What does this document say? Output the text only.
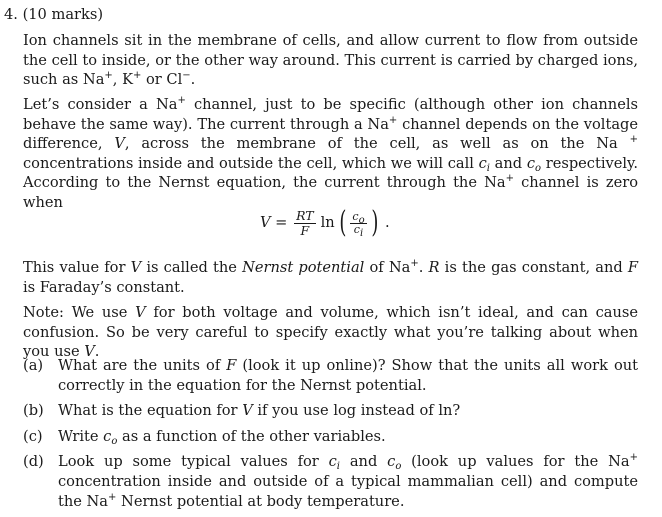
4. (10 marks)
Ion channels sit in the membrane of cells, and allow current to flow from outside the cell to inside, or the other way around. This current is carried by charged ions, such as Na+, K+ or Cl−.
Let’s consider a Na+ channel, just to be specific (although other ion channels behave the same way). The current through a Na+ channel depends on the voltage difference, V, across the membrane of the cell, as well as on the Na + concentrations inside and outside the cell, which we will call $c_i$ and $c_o$ respectively. According to the Nernst equation, the current through the Na+ channel is zero when
$V = \frac{RT}{F}$ ln ( $\frac{co}{ci}$ ) .
This value for V is called the Nernst potential of Na+. R is the gas constant, and F is Faraday’s constant.
Note: We use V for both voltage and volume, which isn’t ideal, and can cause confusion. So be very careful to specify exactly what you’re talking about when you use V.
(a)	What are the units of F (look it up online)? Show that the units all work out correctly in the equation for the Nernst potential.
(b) What is the equation for V if you use log instead of ln?
(c)	Write $c_o$ as a function of the other variables.
(d) Look up some typical values for $c_i$ and $c_o$ (look up values for the Na+ concentration inside and outside of a typical mammalian cell) and compute the Na+ Nernst potential at body temperature.
